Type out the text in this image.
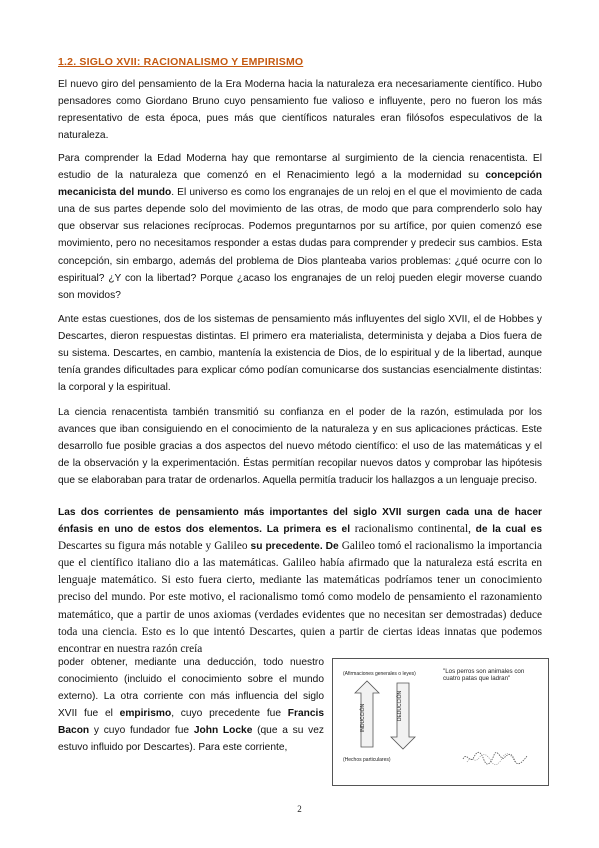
1.2. SIGLO XVII: RACIONALISMO Y EMPIRISMO

El nuevo giro del pensamiento de la Era Moderna hacia la naturaleza era necesariamente científico. Hubo pensadores como Giordano Bruno cuyo pensamiento fue valioso e influyente, pero no fueron los más representativo de esta época, pues más que científicos naturales eran filósofos especulativos de la naturaleza.

Para comprender la Edad Moderna hay que remontarse al surgimiento de la ciencia renacentista. El estudio de la naturaleza que comenzó en el Renacimiento legó a la modernidad su concepción mecanicista del mundo. El universo es como los engranajes de un reloj en el que el movimiento de cada una de sus partes depende solo del movimiento de las otras, de modo que para comprenderlo solo hay que observar sus relaciones recíprocas. Podemos preguntarnos por su artífice, por quien comenzó ese movimiento, pero no necesitamos responder a estas dudas para comprender y predecir sus cambios. Esta concepción, sin embargo, además del problema de Dios planteaba varios problemas: ¿qué ocurre con lo espiritual? ¿Y con la libertad? Porque ¿acaso los engranajes de un reloj pueden elegir moverse cuando son movidos?

Ante estas cuestiones, dos de los sistemas de pensamiento más influyentes del siglo XVII, el de Hobbes y Descartes, dieron respuestas distintas. El primero era materialista, determinista y dejaba a Dios fuera de su sistema. Descartes, en cambio, mantenía la existencia de Dios, de lo espiritual y de la libertad, aunque tenía grandes dificultades para explicar cómo podían comunicarse dos sustancias esencialmente distintas: la corporal y la espiritual.

La ciencia renacentista también transmitió su confianza en el poder de la razón, estimulada por los avances que iban consiguiendo en el conocimiento de la naturaleza y en sus aplicaciones prácticas. Este desarrollo fue posible gracias a dos aspectos del nuevo método científico: el uso de las matemáticas y el de la observación y la experimentación. Éstas permitían recopilar nuevos datos y comprobar las hipótesis que se elaboraban para tratar de ordenarlos. Aquella permitía traducir los hallazgos a un lenguaje preciso.

Las dos corrientes de pensamiento más importantes del siglo XVII surgen cada una de hacer énfasis en uno de estos dos elementos. La primera es el racionalismo continental, de la cual es Descartes su figura más notable y Galileo su precedente. De Galileo tomó el racionalismo la importancia que el científico italiano dio a las matemáticas. Galileo había afirmado que la naturaleza está escrita en lenguaje matemático. Si esto fuera cierto, mediante las matemáticas podríamos tener un conocimiento preciso del mundo. Por este motivo, el racionalismo tomó como modelo de pensamiento el razonamiento matemático, que a partir de unos axiomas (verdades evidentes que no necesitan ser demostradas) deduce toda una ciencia. Esto es lo que intentó Descartes, quien a partir de ciertas ideas innatas que podemos encontrar en nuestra razón creía

poder obtener, mediante una deducción, todo nuestro conocimiento (incluido el conocimiento sobre el mundo externo). La otra corriente con más influencia del siglo XVII fue el empirismo, cuyo precedente fue Francis Bacon y cuyo fundador fue John Locke (que a su vez estuvo influido por Descartes). Para este corriente,

(Afirmaciones generales o leyes)	"Los perros son animales con cuatro patas que ladran"
INDUCCIÓN	DEDUCCIÓN
(Hechos particulares)
2
